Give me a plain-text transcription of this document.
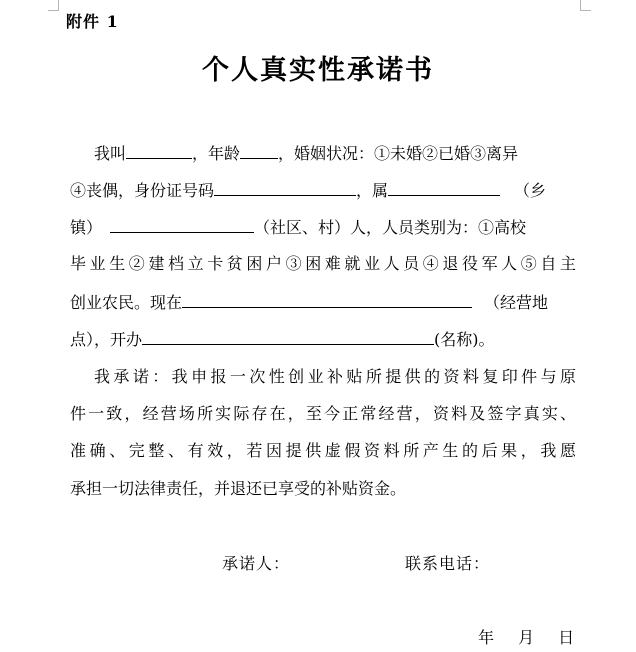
附件 1
个人真实性承诺书
我叫	，年龄 ，婚姻状况：①未婚②已婚③离异
④丧偶，身份证号码	，属	（乡
镇）	（社区、村）人，人员类别为：①高校
毕业生②建档立卡贫困户③困难就业人员④退役军人⑤自主
创业农民。现在	（经营地
点），开办	(名称)。
我承诺：我申报一次性创业补贴所提供的资料复印件与原
件一致，经营场所实际存在，至今正常经营，资料及签字真实、
准确、完整、有效，若因提供虚假资料所产生的后果，我愿
承担一切法律责任，并退还已享受的补贴资金。
承诺人：	联系电话：
年　 月　 日
